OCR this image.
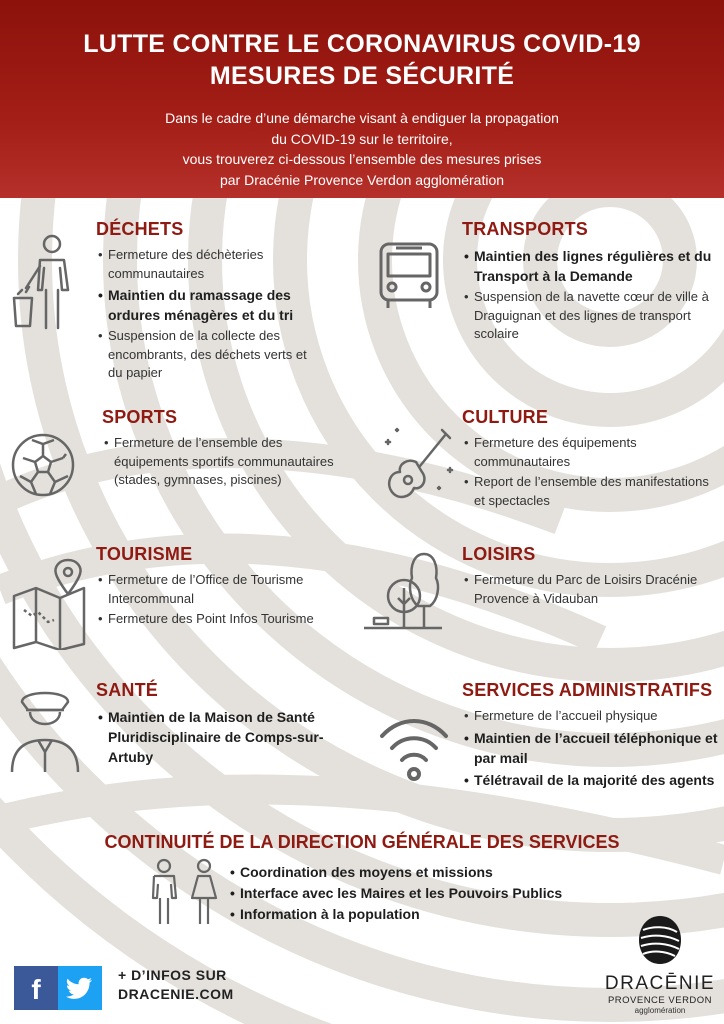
LUTTE CONTRE LE CORONAVIRUS COVID-19
MESURES DE SÉCURITÉ
Dans le cadre d’une démarche visant à endiguer la propagation
du COVID-19 sur le territoire,
vous trouverez ci-dessous l’ensemble des mesures prises
par Dracénie Provence Verdon agglomération
DÉCHETS
• Fermeture des déchèteries communautaires
• Maintien du ramassage des ordures ménagères et du tri
• Suspension de la collecte des encombrants, des déchets verts et du papier
TRANSPORTS
• Maintien des lignes régulières et du Transport à la Demande
• Suspension de la navette cœur de ville à Draguignan et des lignes de transport scolaire
SPORTS
• Fermeture de l’ensemble des équipements sportifs communautaires (stades, gymnases, piscines)
CULTURE
• Fermeture des équipements communautaires
• Report de l’ensemble des manifestations et spectacles
TOURISME
• Fermeture de l’Office de Tourisme Intercommunal
• Fermeture des Point Infos Tourisme
LOISIRS
• Fermeture du Parc de Loisirs Dracénie Provence à Vidauban
SANTÉ
• Maintien de la Maison de Santé Pluridisciplinaire de Comps-sur-Artuby
SERVICES ADMINISTRATIFS
• Fermeture de l’accueil physique
• Maintien de l’accueil téléphonique et par mail
• Télétravail de la majorité des agents
CONTINUITÉ DE LA DIRECTION GÉNÉRALE DES SERVICES
• Coordination des moyens et missions
• Interface avec les Maires et les Pouvoirs Publics
• Information à la population
f	+ D’INFOS SUR
DRACENIE.COM	DRACĒNIE
PROVENCE VERDON
agglomération
